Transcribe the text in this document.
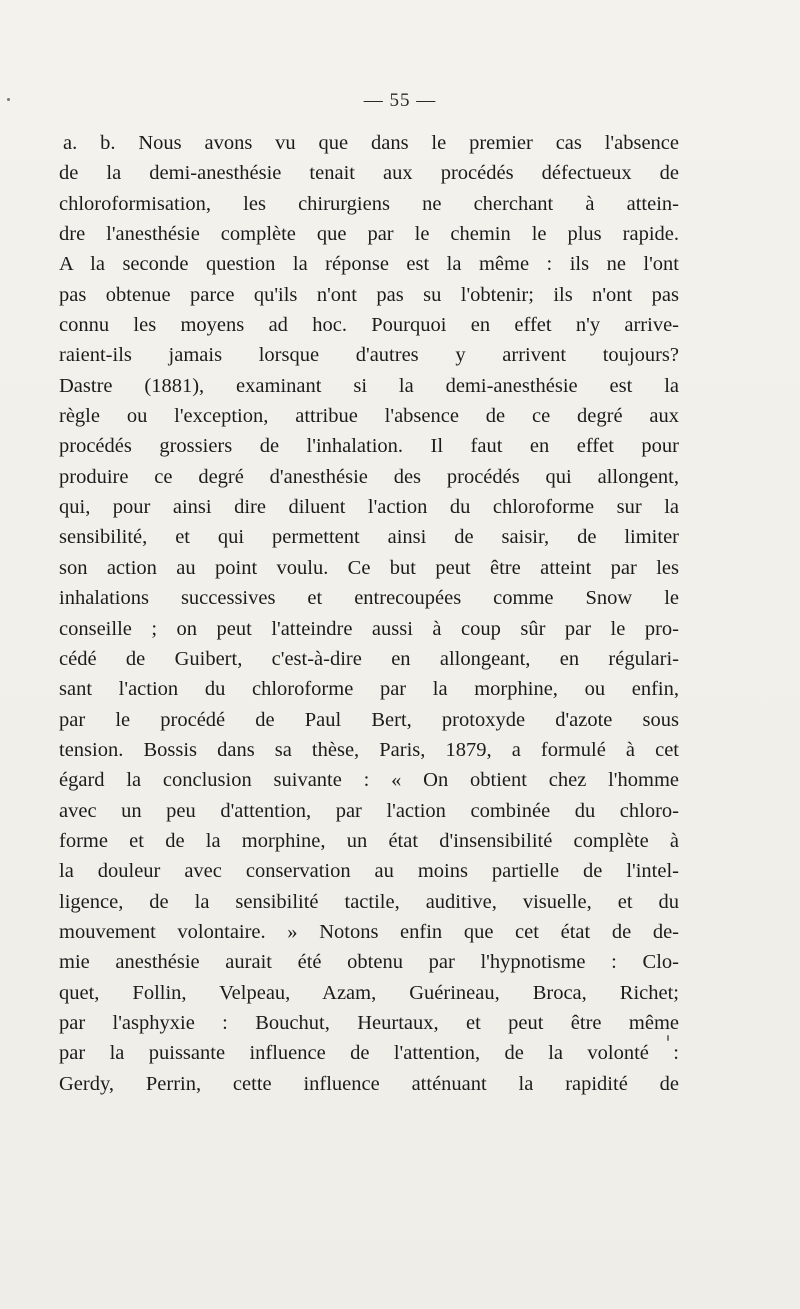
— 55 —
a. b. Nous avons vu que dans le premier cas l'absence
de la demi-anesthésie tenait aux procédés défectueux de
chloroformisation, les chirurgiens ne cherchant à attein-
dre l'anesthésie complète que par le chemin le plus rapide.
A la seconde question la réponse est la même : ils ne l'ont
pas obtenue parce qu'ils n'ont pas su l'obtenir; ils n'ont pas
connu les moyens ad hoc. Pourquoi en effet n'y arrive-
raient-ils jamais lorsque d'autres y arrivent toujours?
Dastre (1881), examinant si la demi-anesthésie est la
règle ou l'exception, attribue l'absence de ce degré aux
procédés grossiers de l'inhalation. Il faut en effet pour
produire ce degré d'anesthésie des procédés qui allongent,
qui, pour ainsi dire diluent l'action du chloroforme sur la
sensibilité, et qui permettent ainsi de saisir, de limiter
son action au point voulu. Ce but peut être atteint par les
inhalations successives et entrecoupées comme Snow le
conseille ; on peut l'atteindre aussi à coup sûr par le pro-
cédé de Guibert, c'est-à-dire en allongeant, en régulari-
sant l'action du chloroforme par la morphine, ou enfin,
par le procédé de Paul Bert, protoxyde d'azote sous
tension. Bossis dans sa thèse, Paris, 1879, a formulé à cet
égard la conclusion suivante : « On obtient chez l'homme
avec un peu d'attention, par l'action combinée du chloro-
forme et de la morphine, un état d'insensibilité complète à
la douleur avec conservation au moins partielle de l'intel-
ligence, de la sensibilité tactile, auditive, visuelle, et du
mouvement volontaire. » Notons enfin que cet état de de-
mie anesthésie aurait été obtenu par l'hypnotisme : Clo-
quet, Follin, Velpeau, Azam, Guérineau, Broca, Richet;
par l'asphyxie : Bouchut, Heurtaux, et peut être même
par la puissante influence de l'attention, de la volonté :
Gerdy, Perrin, cette influence atténuant la rapidité de
